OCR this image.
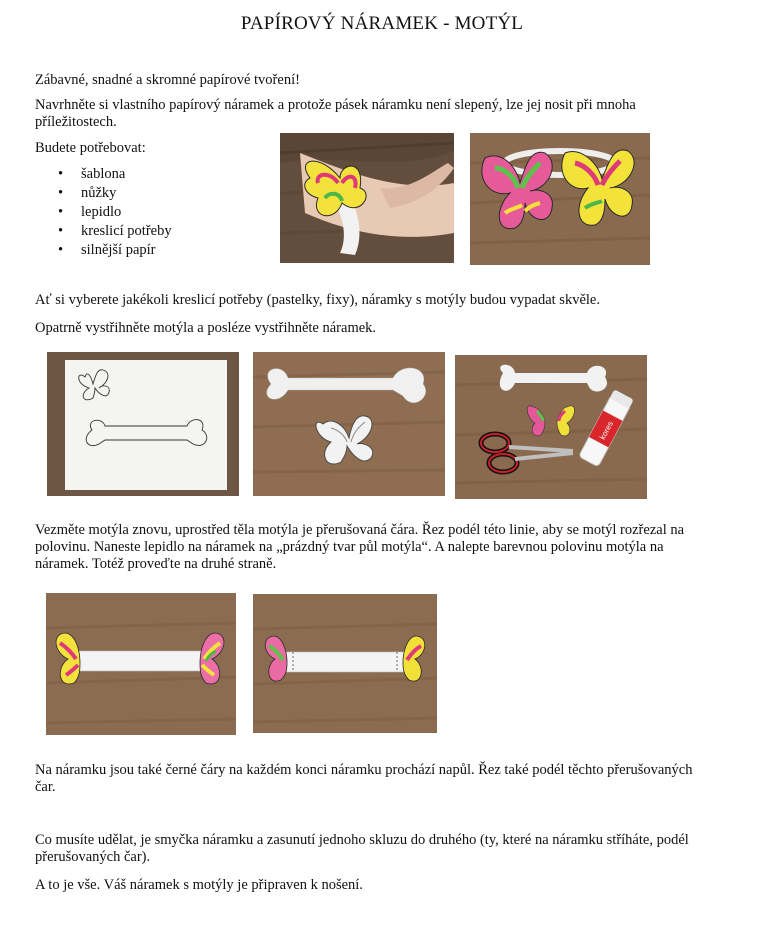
PAPÍROVÝ NÁRAMEK - MOTÝL

Zábavné, snadné a skromné papírové tvoření!

Navrhněte si vlastního papírový náramek a protože pásek náramku není slepený, lze jej nosit při mnoha příležitostech.

Budete potřebovat:

• šablona
• nůžky
• lepidlo
• kreslicí potřeby
• silnější papír

Ať si vyberete jakékoli kreslicí potřeby (pastelky, fixy), náramky s motýly budou vypadat skvěle.

Opatrně vystřihněte motýla a posléze vystřihněte náramek.

kores

Vezměte motýla znovu, uprostřed těla motýla je přerušovaná čára. Řez podél této linie, aby se motýl rozřezal na polovinu. Naneste lepidlo na náramek na „prázdný tvar půl motýla“. A nalepte barevnou polovinu motýla na náramek. Totéž proveďte na druhé straně.

Na náramku jsou také černé čáry na každém konci náramku prochází napůl. Řez také podél těchto přerušovaných čar.

Co musíte udělat, je smyčka náramku a zasunutí jednoho skluzu do druhého (ty, které na náramku stříháte, podél přerušovaných čar).

A to je vše. Váš náramek s motýly je připraven k nošení.
